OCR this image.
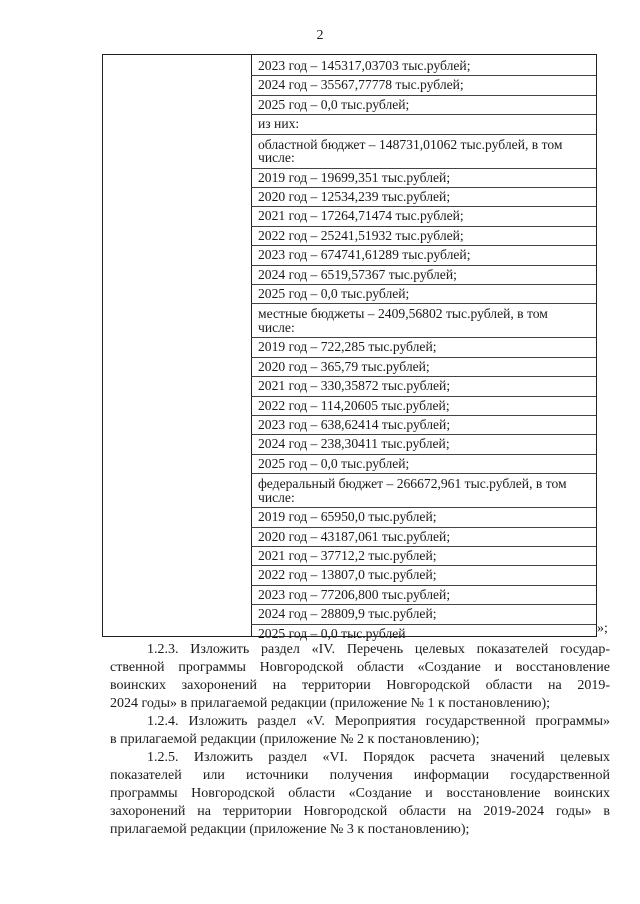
2
2023 год – 145317,03703 тыс.рублей;
2024 год – 35567,77778 тыс.рублей;
2025 год – 0,0 тыс.рублей;
из них:
областной бюджет – 148731,01062 тыс.рублей, в том числе:
2019 год – 19699,351 тыс.рублей;
2020 год – 12534,239 тыс.рублей;
2021 год – 17264,71474 тыс.рублей;
2022 год – 25241,51932 тыс.рублей;
2023 год – 674741,61289 тыс.рублей;
2024 год – 6519,57367 тыс.рублей;
2025 год – 0,0 тыс.рублей;
местные бюджеты – 2409,56802 тыс.рублей, в том числе:
2019 год – 722,285 тыс.рублей;
2020 год – 365,79 тыс.рублей;
2021 год – 330,35872 тыс.рублей;
2022 год – 114,20605 тыс.рублей;
2023 год – 638,62414 тыс.рублей;
2024 год – 238,30411 тыс.рублей;
2025 год – 0,0 тыс.рублей;
федеральный бюджет – 266672,961 тыс.рублей, в том числе:
2019 год – 65950,0 тыс.рублей;
2020 год – 43187,061 тыс.рублей;
2021 год – 37712,2 тыс.рублей;
2022 год – 13807,0 тыс.рублей;
2023 год – 77206,800 тыс.рублей;
2024 год – 28809,9 тыс.рублей;
2025 год – 0,0 тыс.рублей	»;
1.2.3. Изложить раздел «IV. Перечень целевых показателей государ-
ственной программы Новгородской области «Создание и восстановление
воинских захоронений на территории Новгородской области на 2019-
2024 годы» в прилагаемой редакции (приложение № 1 к постановлению);
1.2.4. Изложить раздел «V. Мероприятия государственной программы»
в прилагаемой редакции (приложение № 2 к постановлению);
1.2.5. Изложить раздел «VI. Порядок расчета значений целевых
показателей или источники получения информации государственной
программы Новгородской области «Создание и восстановление воинских
захоронений на территории Новгородской области на 2019-2024 годы» в
прилагаемой редакции (приложение № 3 к постановлению);
